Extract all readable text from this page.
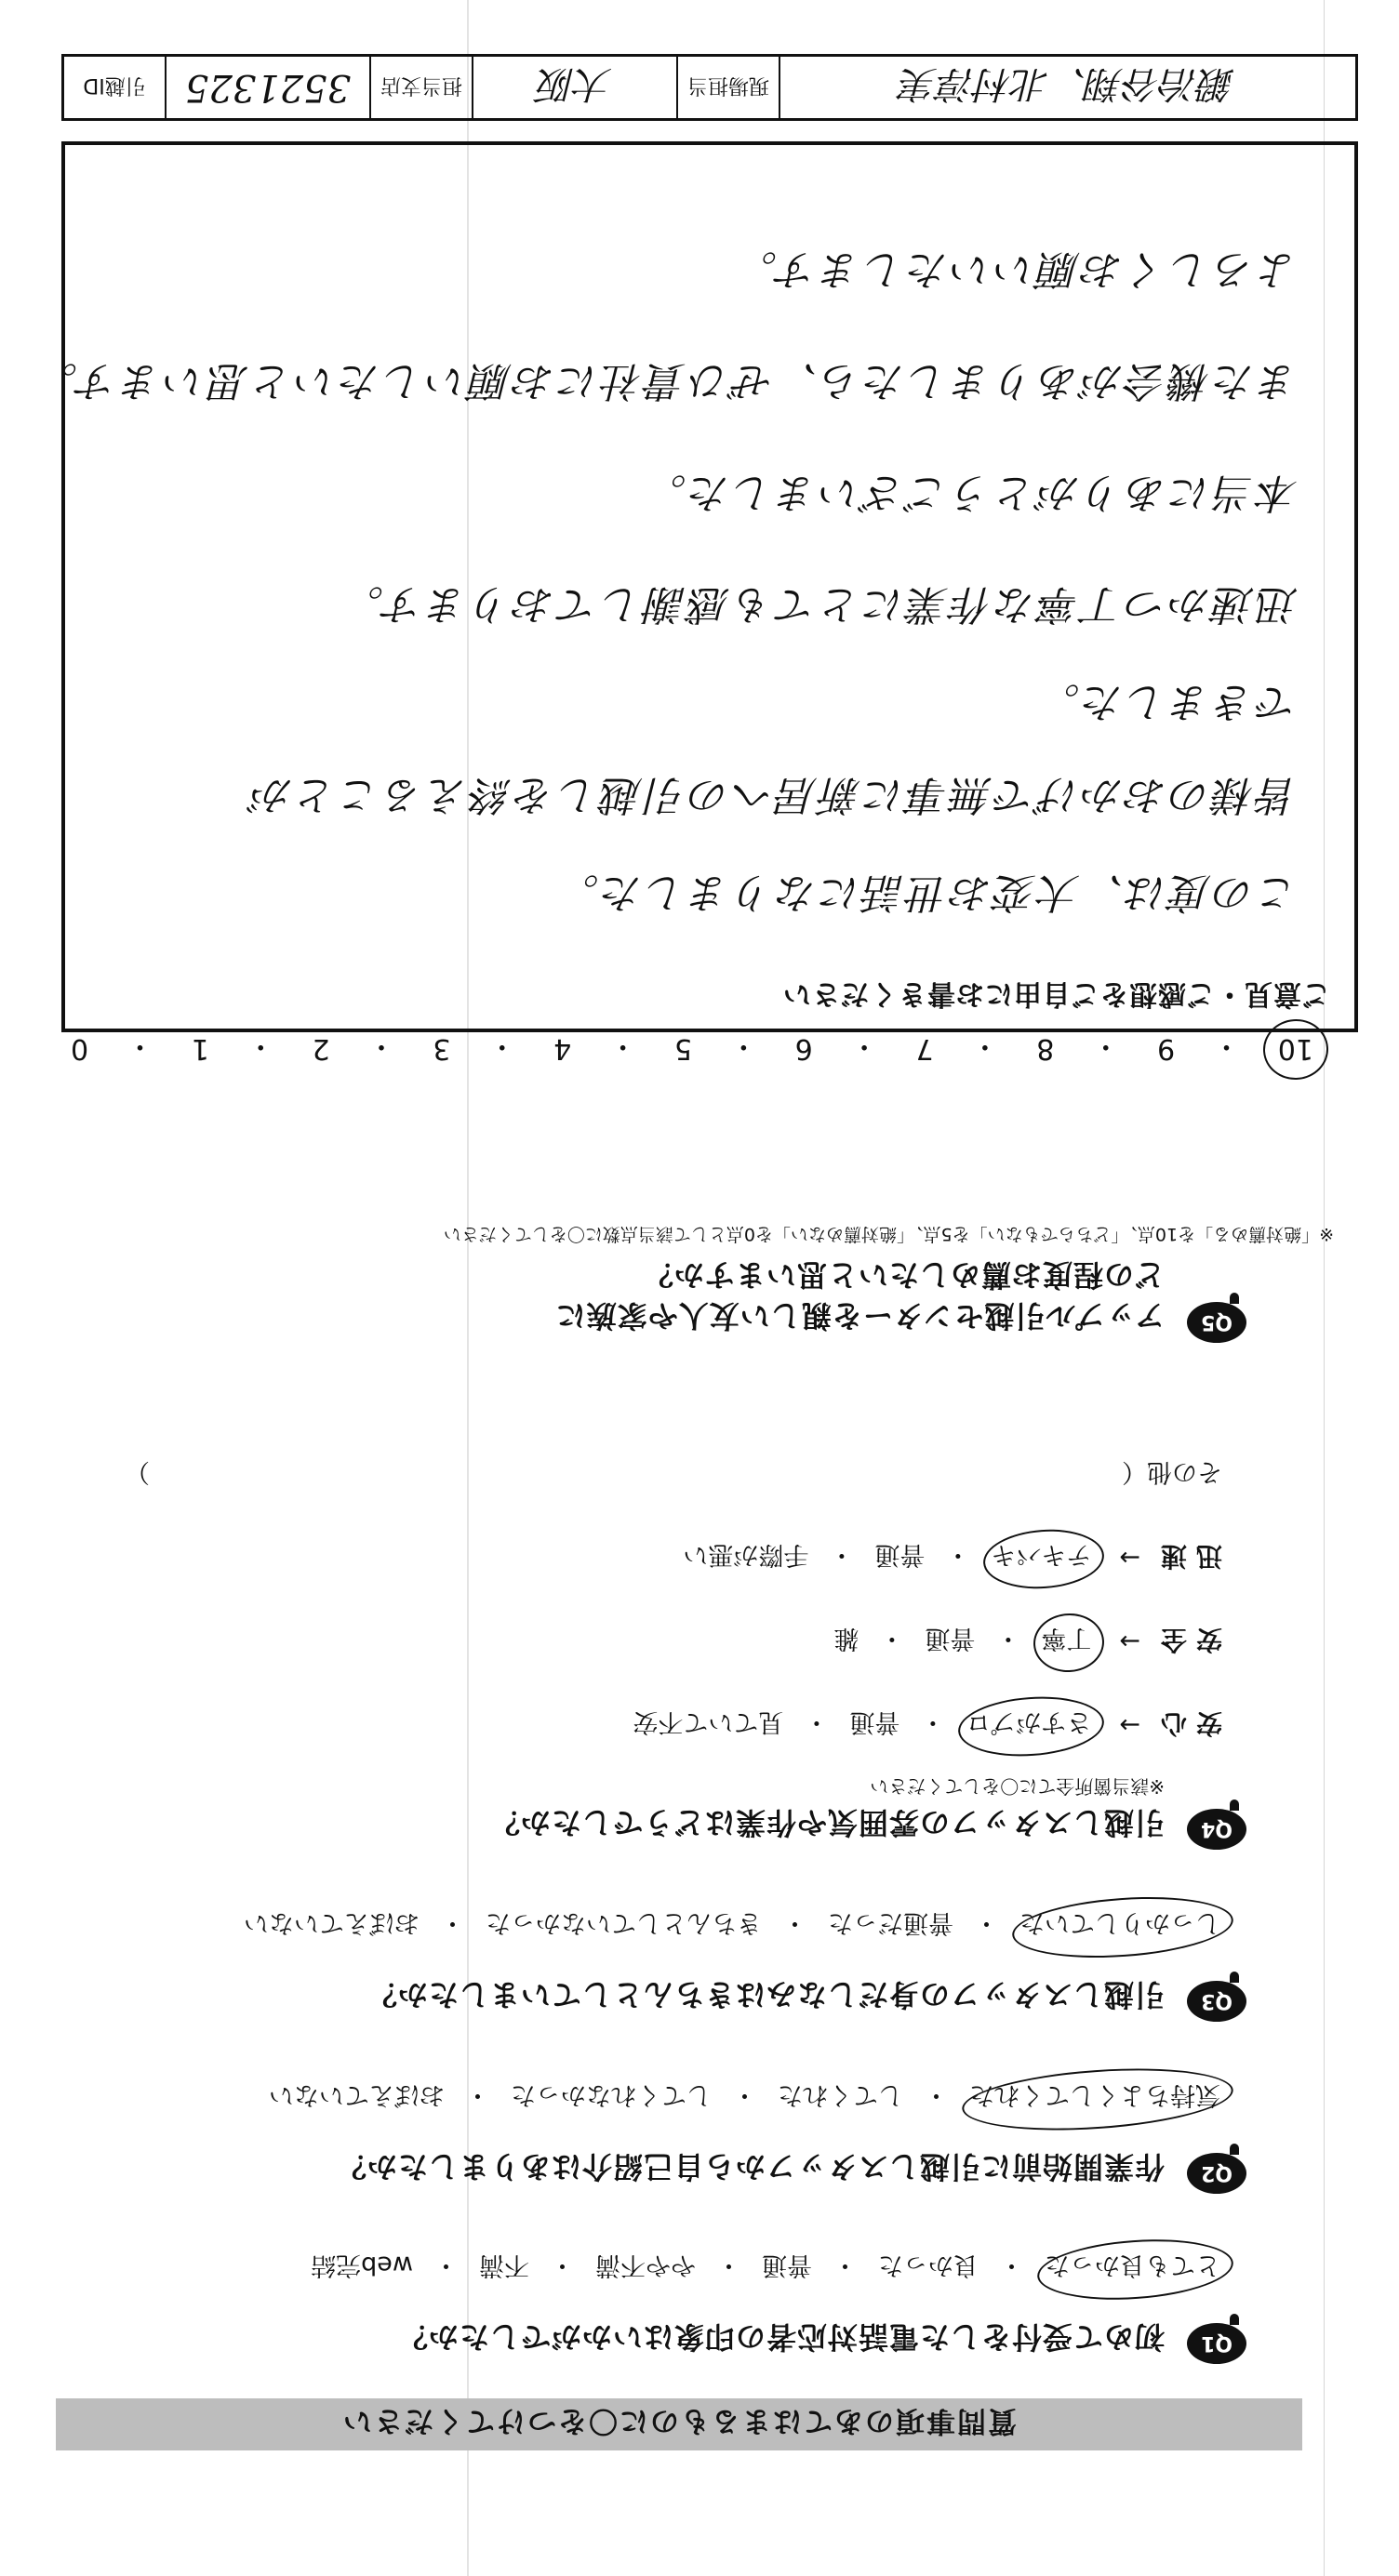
質問事項のあてはまるものに〇をつけてください
Q1
初めて受付をした電話対応者の印象はいかがでしたか？
とても良かった
・
良かった
・
普通
・
やや不満
・
不満
・
web完結
Q2
作業開始前に引越しスタッフから自己紹介はありましたか？
気持ちよくしてくれた
・
してくれた
・
してくれなかった
・
おぼえていない
Q3
引越しスタッフの身だしなみはきちんとしていましたか？
しっかりしていた
・
普通だった
・
きちんとしていなかった
・
おぼえていない
Q4
引越しスタッフの雰囲気や作業はどうでしたか？
※該当箇所全てに〇をしてください
安心
→
さすがプロ
・
普通
・
見ていて不安
安全
→
丁寧
・
普通
・
雑
迅速
→
テキパキ
・
普通
・
手際が悪い
その他（
）
Q5
アップル引越センターを親しい友人や家族に
どの程度お薦めしたいと思いますか？
※「絶対薦める」を10点、「どちらでもない」を5点、「絶対薦めない」を0点として該当点数に〇をしてください
10
・
9
・
8
・
7
・
6
・
5
・
4
・
3
・
2
・
1
・
0
ご意見・ご感想をご自由にお書きください
この度は、大変お世話になりました。
皆様のおかげで無事に新居への引越しを終えることが
できました。
迅速かつ丁寧な作業にとても感謝しております。
本当にありがとうございました。
また機会がありましたら、ぜひ貴社にお願いしたいと思います。
よろしくお願いいたします。
鍛冶谷翔、北村淳実
現場担当
大阪
担当支店
3521325
引越ID
